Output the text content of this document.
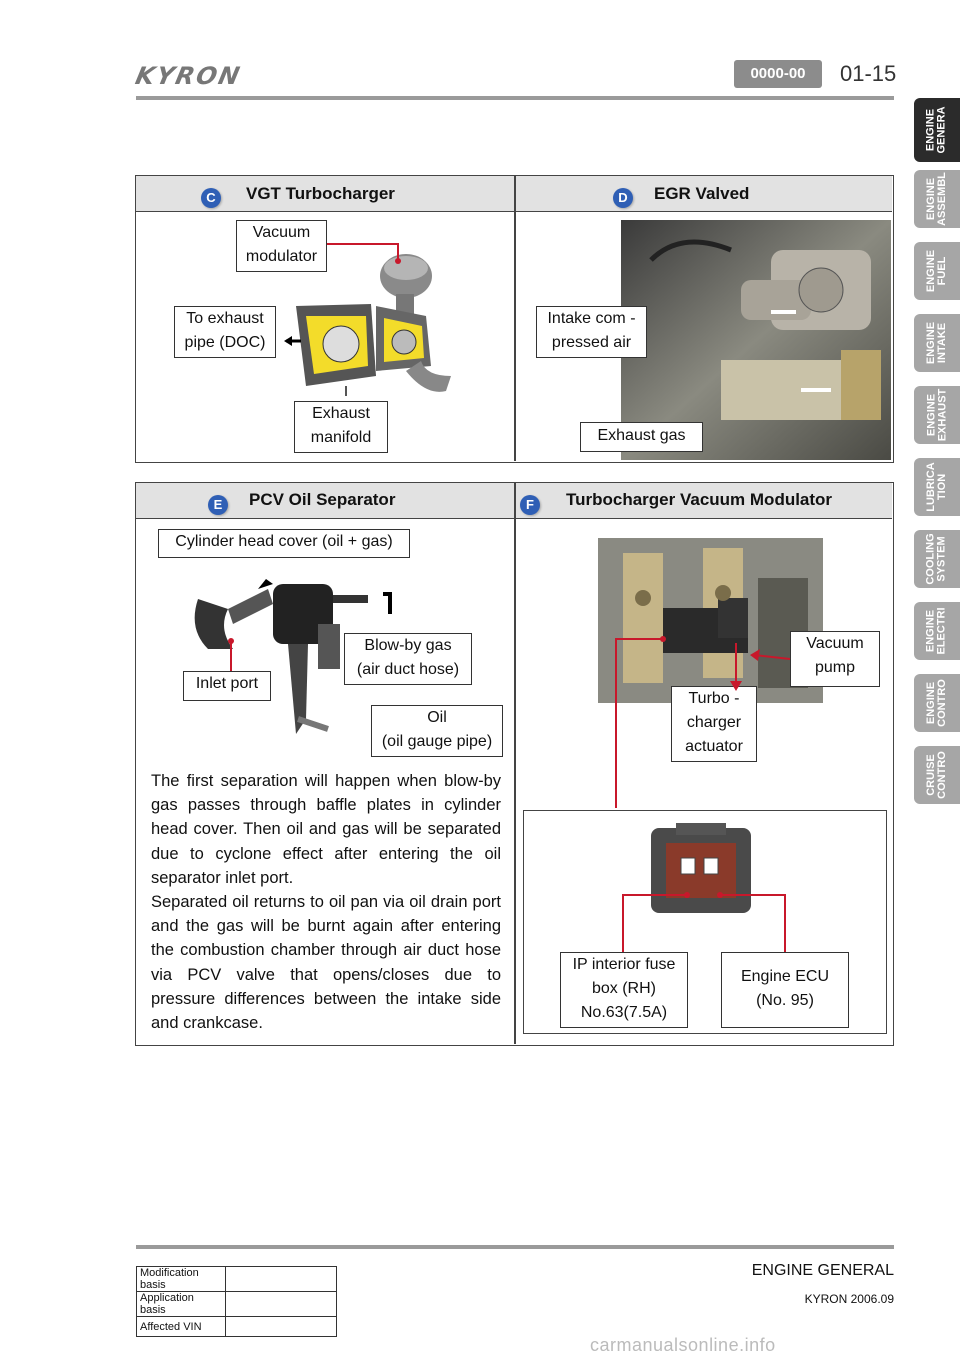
KYRON	0000-00	01-15
ENGINE
GENERA
ENGINE
ASSEMBL
ENGINE
FUEL
ENGINE
INTAKE
ENGINE
EXHAUST
LUBRICA
TION
COOLING
SYSTEM
ENGINE
ELECTRI
ENGINE
CONTRO
CRUISE
CONTRO
C	VGT Turbocharger	D	EGR Valved
Vacuum
modulator
To exhaust
pipe (DOC)
Exhaust
manifold
Intake com -
pressed air
Exhaust gas
E	PCV Oil Separator	F	Turbocharger Vacuum Modulator
Cylinder head cover (oil + gas)
Blow-by gas
(air duct hose)
Inlet port
Oil
(oil gauge pipe)

The first separation will happen when blow-by gas passes through baffle plates in cylinder head cover. Then oil and gas will be separated due to cyclone effect after entering the oil separator inlet port.

Separated oil returns to oil pan via oil drain port and the gas will be burnt again after entering the combustion chamber through air duct hose via PCV valve that opens/closes due to pressure differences between the intake side and crankcase.

Vacuum
pump
Turbo -
charger
actuator
IP interior fuse
box (RH)
No.63(7.5A)
Engine ECU
(No. 95)
Modification basis	
Application basis	
Affected VIN	
ENGINE GENERAL
KYRON 2006.09
carmanualsonline.info
